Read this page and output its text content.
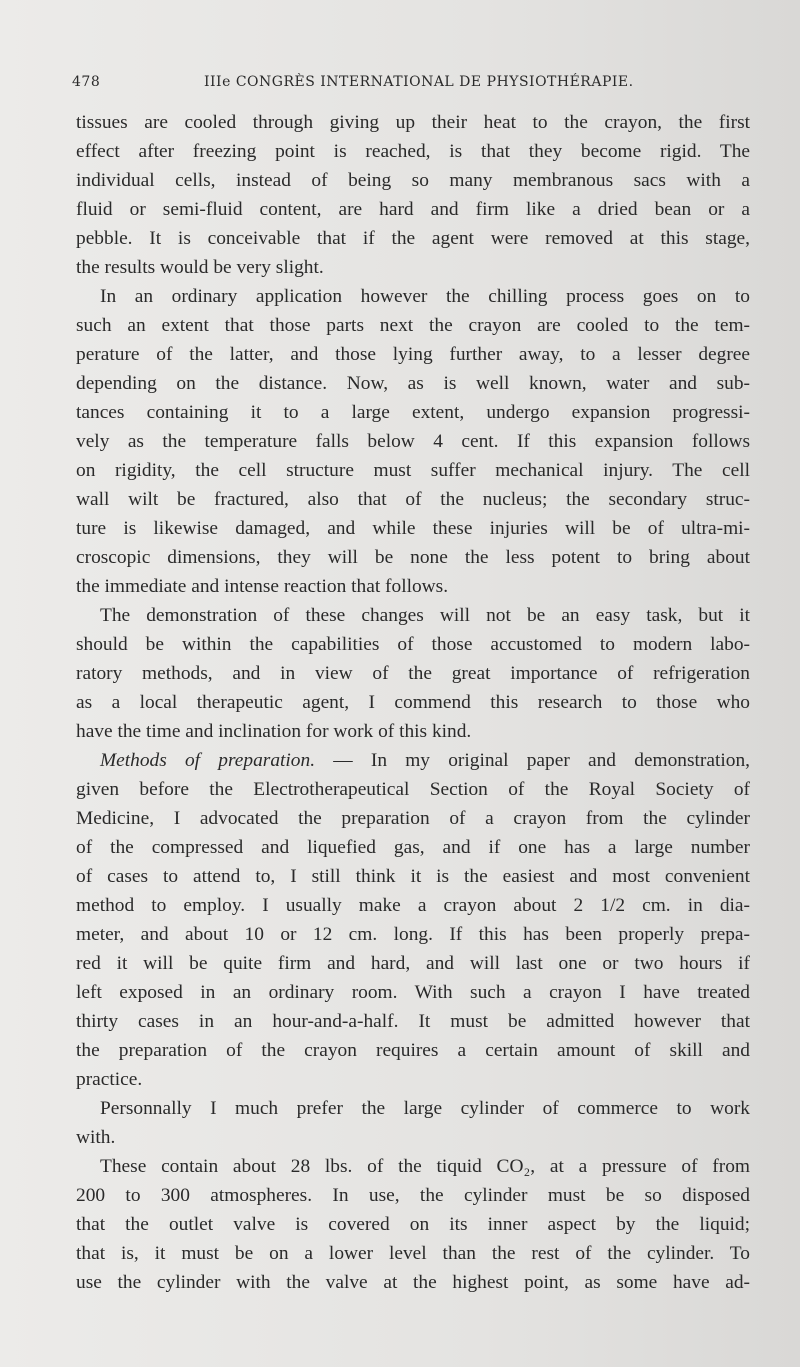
478	IIIe CONGRÈS INTERNATIONAL DE PHYSIOTHÉRAPIE.
tissues are cooled through giving up their heat to the crayon, the first
effect after freezing point is reached, is that they become rigid. The
individual cells, instead of being so many membranous sacs with a
fluid or semi-fluid content, are hard and firm like a dried bean or a
pebble. It is conceivable that if the agent were removed at this stage,
the results would be very slight.
In an ordinary application however the chilling process goes on to
such an extent that those parts next the crayon are cooled to the tem-
perature of the latter, and those lying further away, to a lesser degree
depending on the distance. Now, as is well known, water and sub-
tances containing it to a large extent, undergo expansion progressi-
vely as the temperature falls below 4 cent. If this expansion follows
on rigidity, the cell structure must suffer mechanical injury. The cell
wall wilt be fractured, also that of the nucleus; the secondary struc-
ture is likewise damaged, and while these injuries will be of ultra-mi-
croscopic dimensions, they will be none the less potent to bring about
the immediate and intense reaction that follows.
The demonstration of these changes will not be an easy task, but it
should be within the capabilities of those accustomed to modern labo-
ratory methods, and in view of the great importance of refrigeration
as a local therapeutic agent, I commend this research to those who
have the time and inclination for work of this kind.
Methods of preparation. — In my original paper and demonstration,
given before the Electrotherapeutical Section of the Royal Society of
Medicine, I advocated the preparation of a crayon from the cylinder
of the compressed and liquefied gas, and if one has a large number
of cases to attend to, I still think it is the easiest and most convenient
method to employ. I usually make a crayon about 2 1/2 cm. in dia-
meter, and about 10 or 12 cm. long. If this has been properly prepa-
red it will be quite firm and hard, and will last one or two hours if
left exposed in an ordinary room. With such a crayon I have treated
thirty cases in an hour-and-a-half. It must be admitted however that
the preparation of the crayon requires a certain amount of skill and
practice.
Personnally I much prefer the large cylinder of commerce to work
with.
These contain about 28 lbs. of the tiquid CO₂, at a pressure of from
200 to 300 atmospheres. In use, the cylinder must be so disposed
that the outlet valve is covered on its inner aspect by the liquid;
that is, it must be on a lower level than the rest of the cylinder. To
use the cylinder with the valve at the highest point, as some have ad-
